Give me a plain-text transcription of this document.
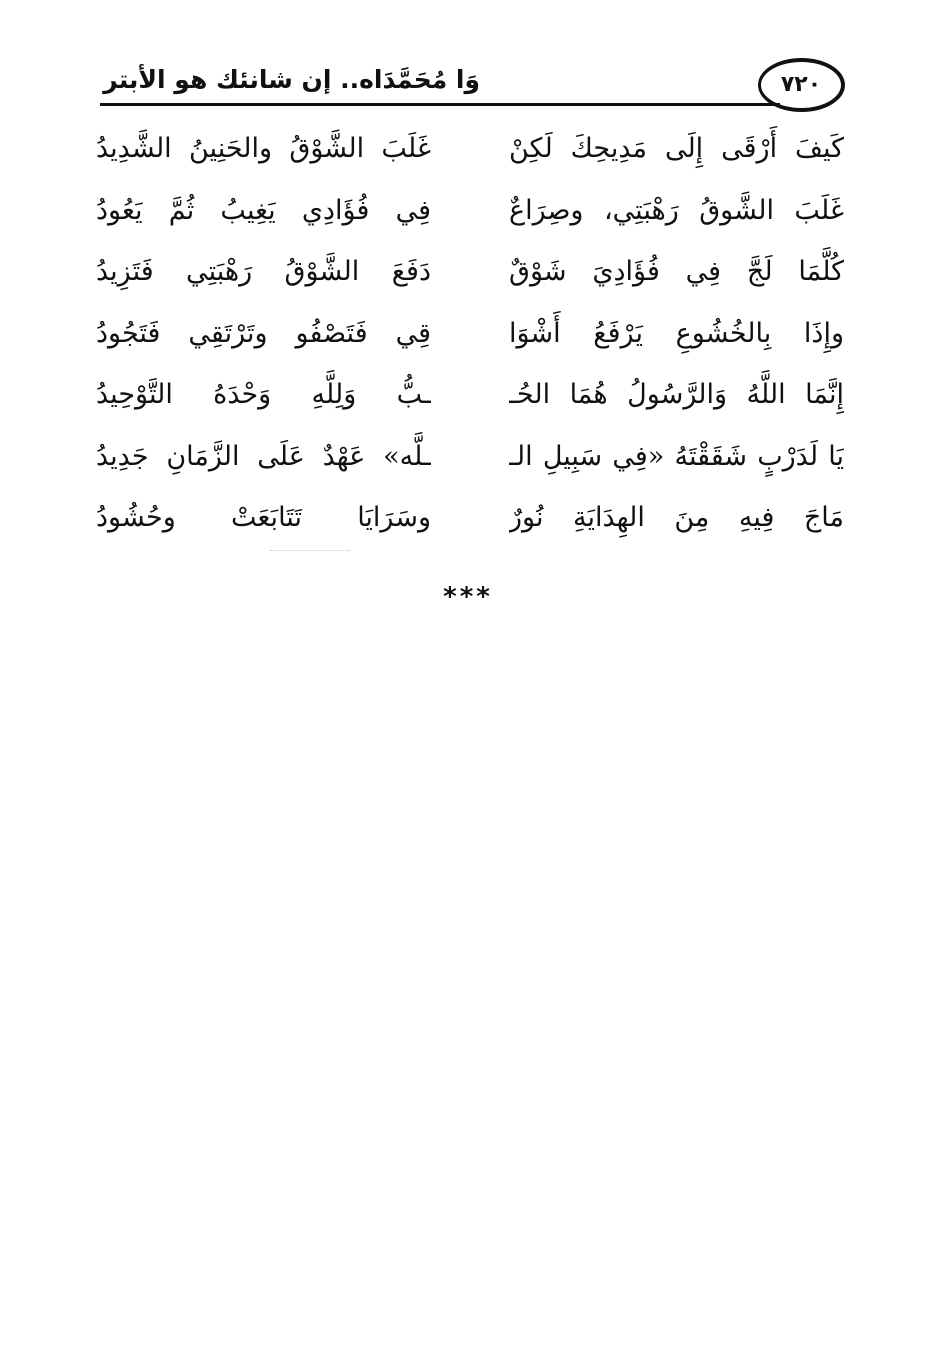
وَا مُحَمَّدَاه.. إن شانئك هو الأبتر	٧٢٠
كَيفَ أَرْقَى إِلَى مَدِيحِكَ لَكِنْ
غَلَبَ الشَّوْقُ والحَنِينُ الشَّدِيدُ
غَلَبَ الشَّوقُ رَهْبَتِي، وصِرَاعٌ
فِي فُؤَادِي يَغِيبُ ثُمَّ يَعُودُ
كُلَّمَا لَجَّ فِي فُؤَادِيَ شَوْقٌ
دَفَعَ الشَّوْقُ رَهْبَتِي فَتَزِيدُ
وإِذَا بِالخُشُوعِ يَرْفَعُ أَشْوَا
قِي فَتَصْفُو وتَرْتَقِي فَتَجُودُ
إِنَّمَا اللَّهُ وَالرَّسُولُ هُمَا الحُـ
ـبُّ وَلِلَّهِ وَحْدَهُ التَّوْحِيدُ
يَا لَدَرْبٍ شَقَقْتَهُ «فِي سَبِيلِ الـ
ـلَّه» عَهْدٌ عَلَى الزَّمَانِ جَدِيدُ
مَاجَ فِيهِ مِنَ الهِدَايَةِ نُورٌ
وسَرَايَا تَتَابَعَتْ وحُشُودُ
***
